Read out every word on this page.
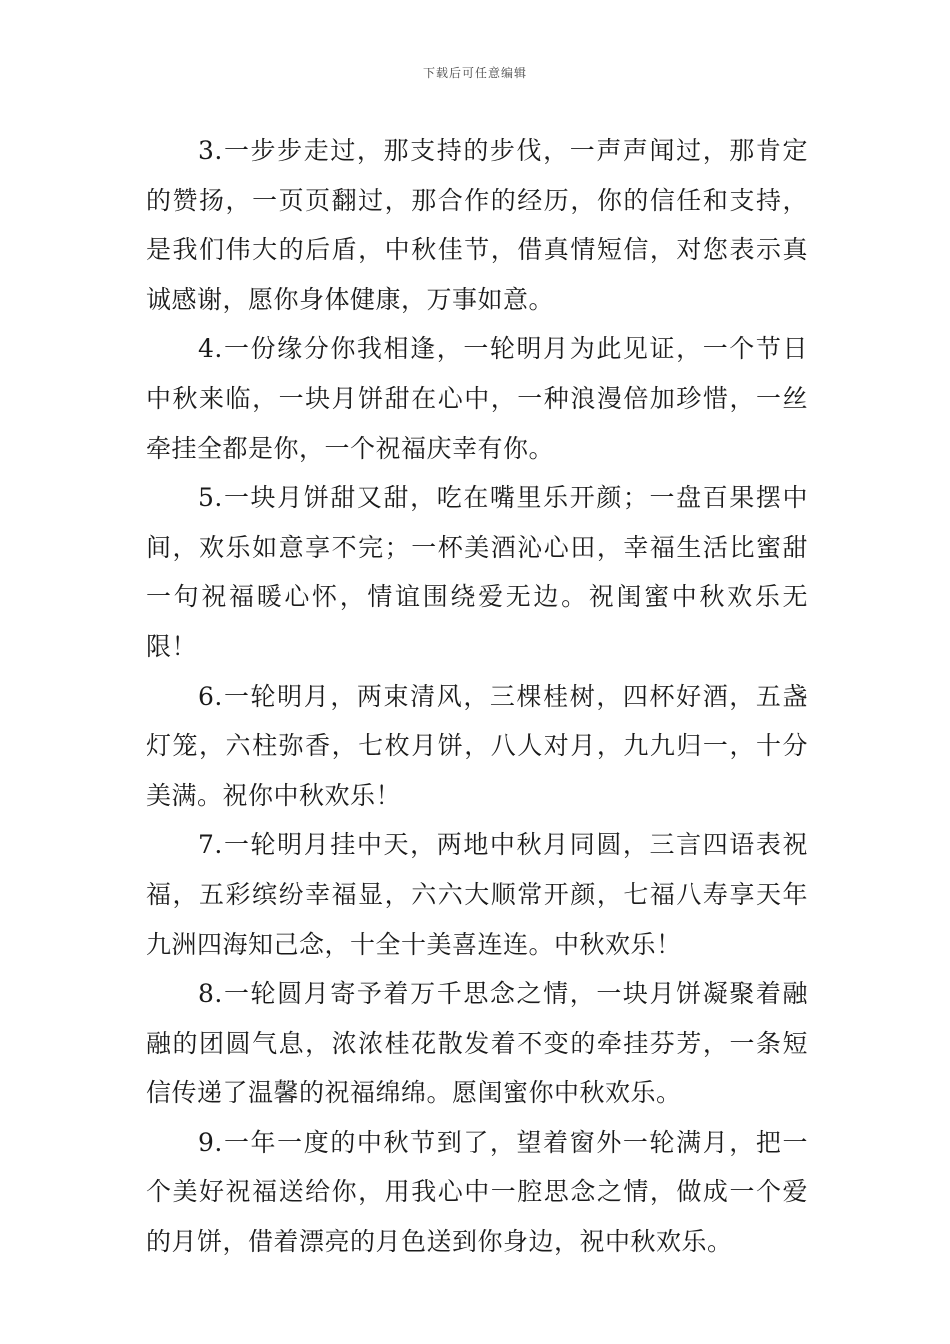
下载后可任意编辑

3.一步步走过，那支持的步伐，一声声闻过，那肯定的赞扬，一页页翻过，那合作的经历，你的信任和支持，是我们伟大的后盾，中秋佳节，借真情短信，对您表示真诚感谢，愿你身体健康，万事如意。

4.一份缘分你我相逢，一轮明月为此见证，一个节日中秋来临，一块月饼甜在心中，一种浪漫倍加珍惜，一丝牵挂全都是你，一个祝福庆幸有你。

5.一块月饼甜又甜，吃在嘴里乐开颜；一盘百果摆中间，欢乐如意享不完；一杯美酒沁心田，幸福生活比蜜甜一句祝福暖心怀，情谊围绕爱无边。祝闺蜜中秋欢乐无限！

6.一轮明月，两束清风，三棵桂树，四杯好酒，五盏灯笼，六柱弥香，七枚月饼，八人对月，九九归一，十分美满。祝你中秋欢乐！

7.一轮明月挂中天，两地中秋月同圆，三言四语表祝福，五彩缤纷幸福显，六六大顺常开颜，七福八寿享天年九洲四海知己念，十全十美喜连连。中秋欢乐！

8.一轮圆月寄予着万千思念之情，一块月饼凝聚着融融的团圆气息，浓浓桂花散发着不变的牵挂芬芳，一条短信传递了温馨的祝福绵绵。愿闺蜜你中秋欢乐。

9.一年一度的中秋节到了，望着窗外一轮满月，把一个美好祝福送给你，用我心中一腔思念之情，做成一个爱的月饼，借着漂亮的月色送到你身边，祝中秋欢乐。
